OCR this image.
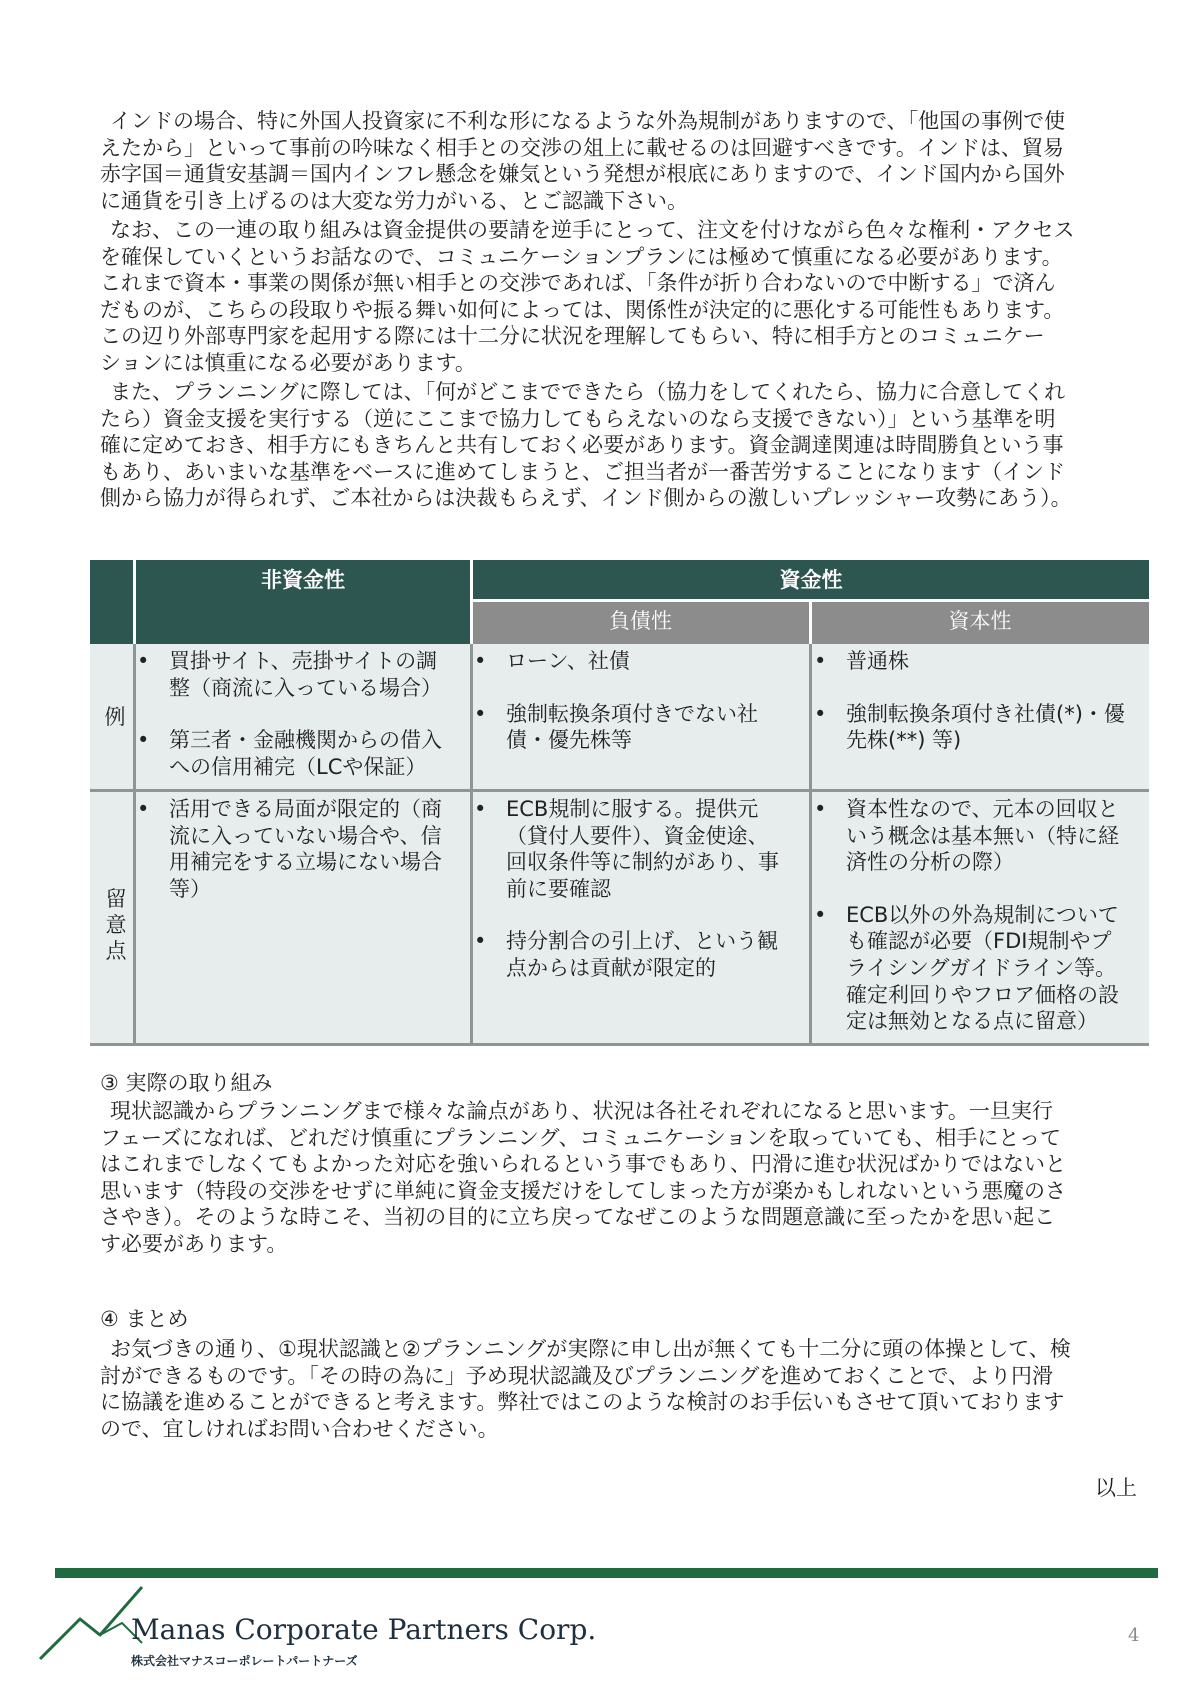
インドの場合、特に外国人投資家に不利な形になるような外為規制がありますので、「他国の事例で使
えたから」といって事前の吟味なく相手との交渉の俎上に載せるのは回避すべきです。インドは、貿易
赤字国＝通貨安基調＝国内インフレ懸念を嫌気という発想が根底にありますので、インド国内から国外
に通貨を引き上げるのは大変な労力がいる、とご認識下さい。
なお、この一連の取り組みは資金提供の要請を逆手にとって、注文を付けながら色々な権利・アクセス
を確保していくというお話なので、コミュニケーションプランには極めて慎重になる必要があります。
これまで資本・事業の関係が無い相手との交渉であれば、「条件が折り合わないので中断する」で済ん
だものが、こちらの段取りや振る舞い如何によっては、関係性が決定的に悪化する可能性もあります。
この辺り外部専門家を起用する際には十二分に状況を理解してもらい、特に相手方とのコミュニケー
ションには慎重になる必要があります。
また、プランニングに際しては、「何がどこまでできたら（協力をしてくれたら、協力に合意してくれ
たら）資金支援を実行する（逆にここまで協力してもらえないのなら支援できない）」という基準を明
確に定めておき、相手方にもきちんと共有しておく必要があります。資金調達関連は時間勝負という事
もあり、あいまいな基準をベースに進めてしまうと、ご担当者が一番苦労することになります（インド
側から協力が得られず、ご本社からは決裁もらえず、インド側からの激しいプレッシャー攻勢にあう）。
非資金性	資金性
負債性	資本性
例
留
意
点
• 買掛サイト、売掛サイトの調
整（商流に入っている場合）
• 第三者・金融機関からの借入
への信用補完（LCや保証）
• ローン、社債
• 強制転換条項付きでない社
債・優先株等
• 普通株
• 強制転換条項付き社債(*)・優
先株(**) 等)
• 活用できる局面が限定的（商
流に入っていない場合や、信
用補完をする立場にない場合
等）
• ECB規制に服する。提供元
（貸付人要件）、資金使途、
回収条件等に制約があり、事
前に要確認
• 持分割合の引上げ、という観
点からは貢献が限定的
• 資本性なので、元本の回収と
いう概念は基本無い（特に経
済性の分析の際）
• ECB以外の外為規制について
も確認が必要（FDI規制やプ
ライシングガイドライン等。
確定利回りやフロア価格の設
定は無効となる点に留意）
③ 実際の取り組み
現状認識からプランニングまで様々な論点があり、状況は各社それぞれになると思います。一旦実行
フェーズになれば、どれだけ慎重にプランニング、コミュニケーションを取っていても、相手にとって
はこれまでしなくてもよかった対応を強いられるという事でもあり、円滑に進む状況ばかりではないと
思います（特段の交渉をせずに単純に資金支援だけをしてしまった方が楽かもしれないという悪魔のさ
さやき）。そのような時こそ、当初の目的に立ち戻ってなぜこのような問題意識に至ったかを思い起こ
す必要があります。
④ まとめ
お気づきの通り、①現状認識と②プランニングが実際に申し出が無くても十二分に頭の体操として、検
討ができるものです。「その時の為に」予め現状認識及びプランニングを進めておくことで、より円滑
に協議を進めることができると考えます。弊社ではこのような検討のお手伝いもさせて頂いております
ので、宜しければお問い合わせください。
以上
Manas Corporate Partners Corp.
株式会社マナスコーポレートパートナーズ
4
